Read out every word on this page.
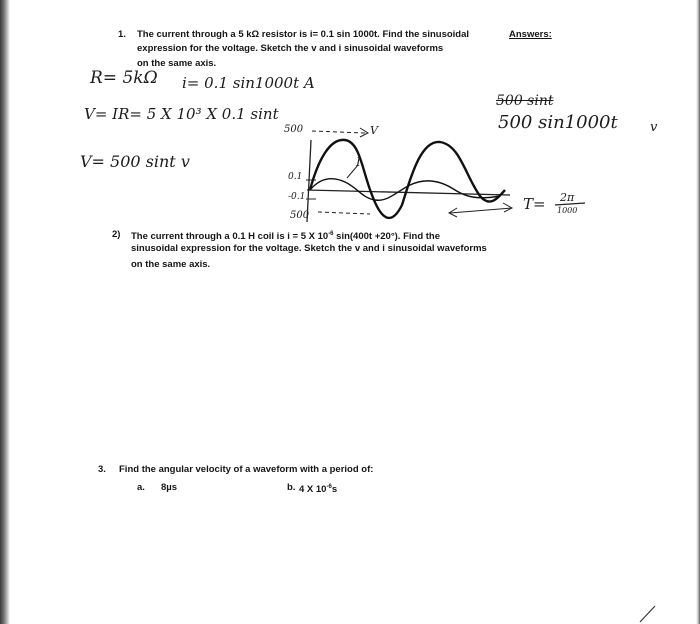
1. The current through a 5 kΩ resistor is i= 0.1 sin 1000t. Find the sinusoidal
expression for the voltage. Sketch the v and i sinusoidal waveforms
on the same axis.
Answers:
R= 5kΩ i= 0.1 sin1000t A
V= IR= 5 X 10³ X 0.1 sint
V= 500 sint v
500 sint
500 sin1000t v
500
0.1
-0.1
500
V
I
T= 2π
1000
2) The current through a 0.1 H coil is i = 5 X $10^{-6}$ sin(400t +20°). Find the
sinusoidal expression for the voltage. Sketch the v and i sinusoidal waveforms
on the same axis.
3. Find the angular velocity of a waveform with a period of:
a. 8µs	b. 4 X $10^{-6}s$
